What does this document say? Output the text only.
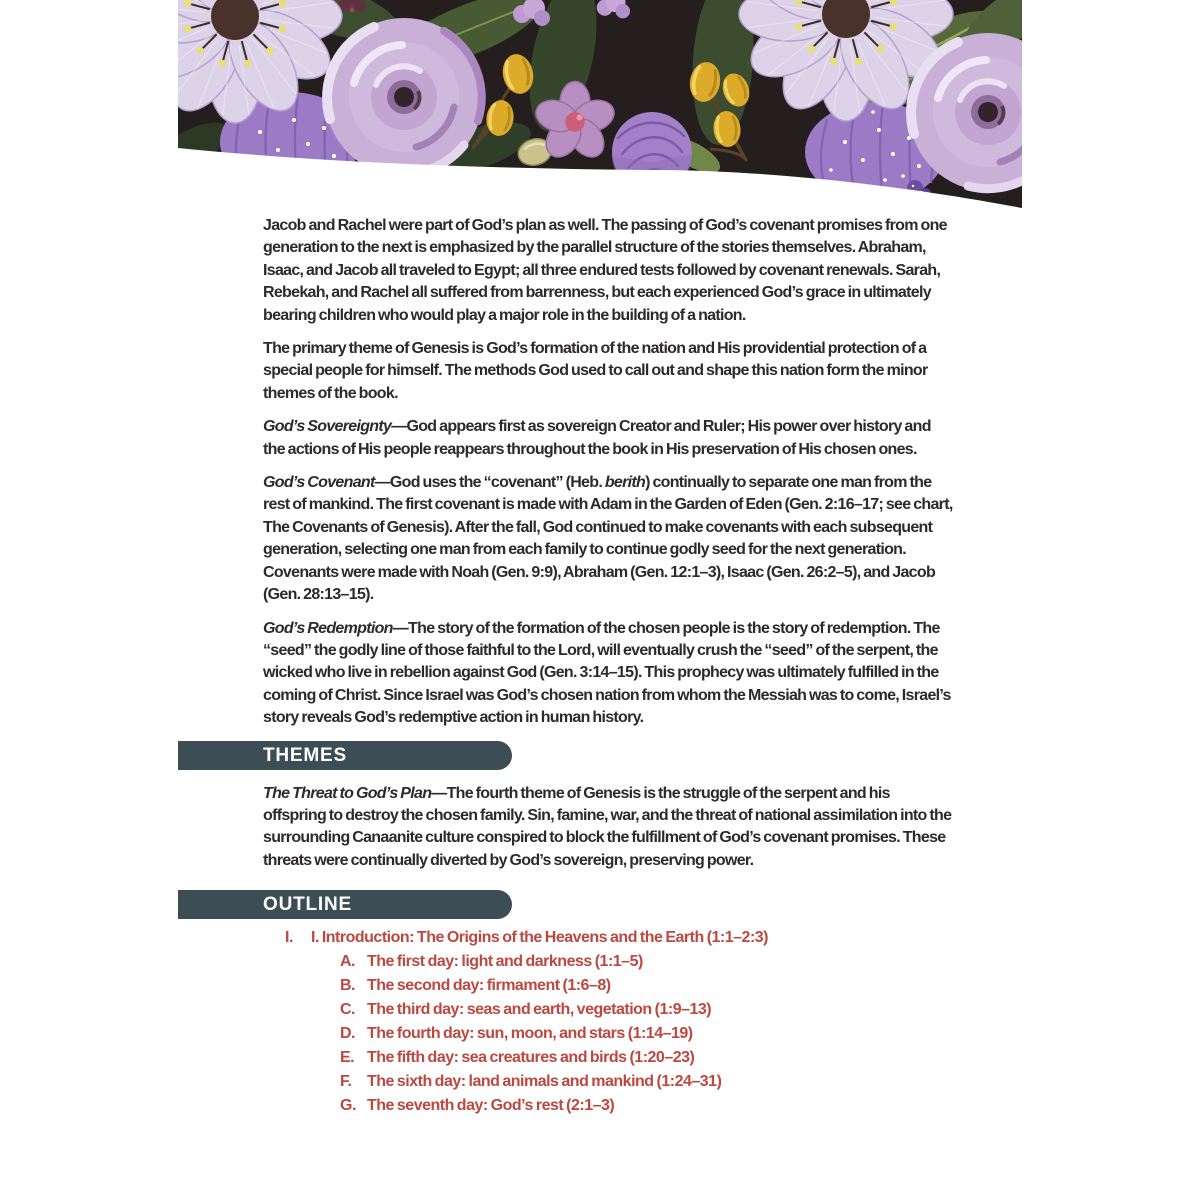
Jacob and Rachel were part of God’s plan as well. The passing of God’s covenant promises from one generation to the next is emphasized by the parallel structure of the stories themselves. Abraham, Isaac, and Jacob all traveled to Egypt; all three endured tests followed by covenant renewals. Sarah, Rebekah, and Rachel all suffered from barrenness, but each experienced God’s grace in ultimately bearing children who would play a major role in the building of a nation.

The primary theme of Genesis is God’s formation of the nation and His providential protection of a special people for himself. The methods God used to call out and shape this nation form the minor themes of the book.

God’s Sovereignty—God appears first as sovereign Creator and Ruler; His power over history and the actions of His people reappears throughout the book in His preservation of His chosen ones.

God’s Covenant—God uses the “covenant” (Heb. berith) continually to separate one man from the rest of mankind. The first covenant is made with Adam in the Garden of Eden (Gen. 2:16–17; see chart, The Covenants of Genesis). After the fall, God continued to make covenants with each subsequent generation, selecting one man from each family to continue godly seed for the next generation. Covenants were made with Noah (Gen. 9:9), Abraham (Gen. 12:1–3), Isaac (Gen. 26:2–5), and Jacob (Gen. 28:13–15).

God’s Redemption—The story of the formation of the chosen people is the story of redemption. The “seed” the godly line of those faithful to the Lord, will eventually crush the “seed” of the serpent, the wicked who live in rebellion against God (Gen. 3:14–15). This prophecy was ultimately fulfilled in the coming of Christ. Since Israel was God’s chosen nation from whom the Messiah was to come, Israel’s story reveals God’s redemptive action in human history.

THEMES

The Threat to God’s Plan—The fourth theme of Genesis is the struggle of the serpent and his offspring to destroy the chosen family. Sin, famine, war, and the threat of national assimilation into the surrounding Canaanite culture conspired to block the fulfillment of God’s covenant promises. These threats were continually diverted by God’s sovereign, preserving power.

OUTLINE
I.	I. Introduction: The Origins of the Heavens and the Earth (1:1–2:3)
A. The first day: light and darkness (1:1–5)
B. The second day: firmament (1:6–8)
C. The third day: seas and earth, vegetation (1:9–13)
D. The fourth day: sun, moon, and stars (1:14–19)
E. The fifth day: sea creatures and birds (1:20–23)
F. The sixth day: land animals and mankind (1:24–31)
G. The seventh day: God’s rest (2:1–3)
